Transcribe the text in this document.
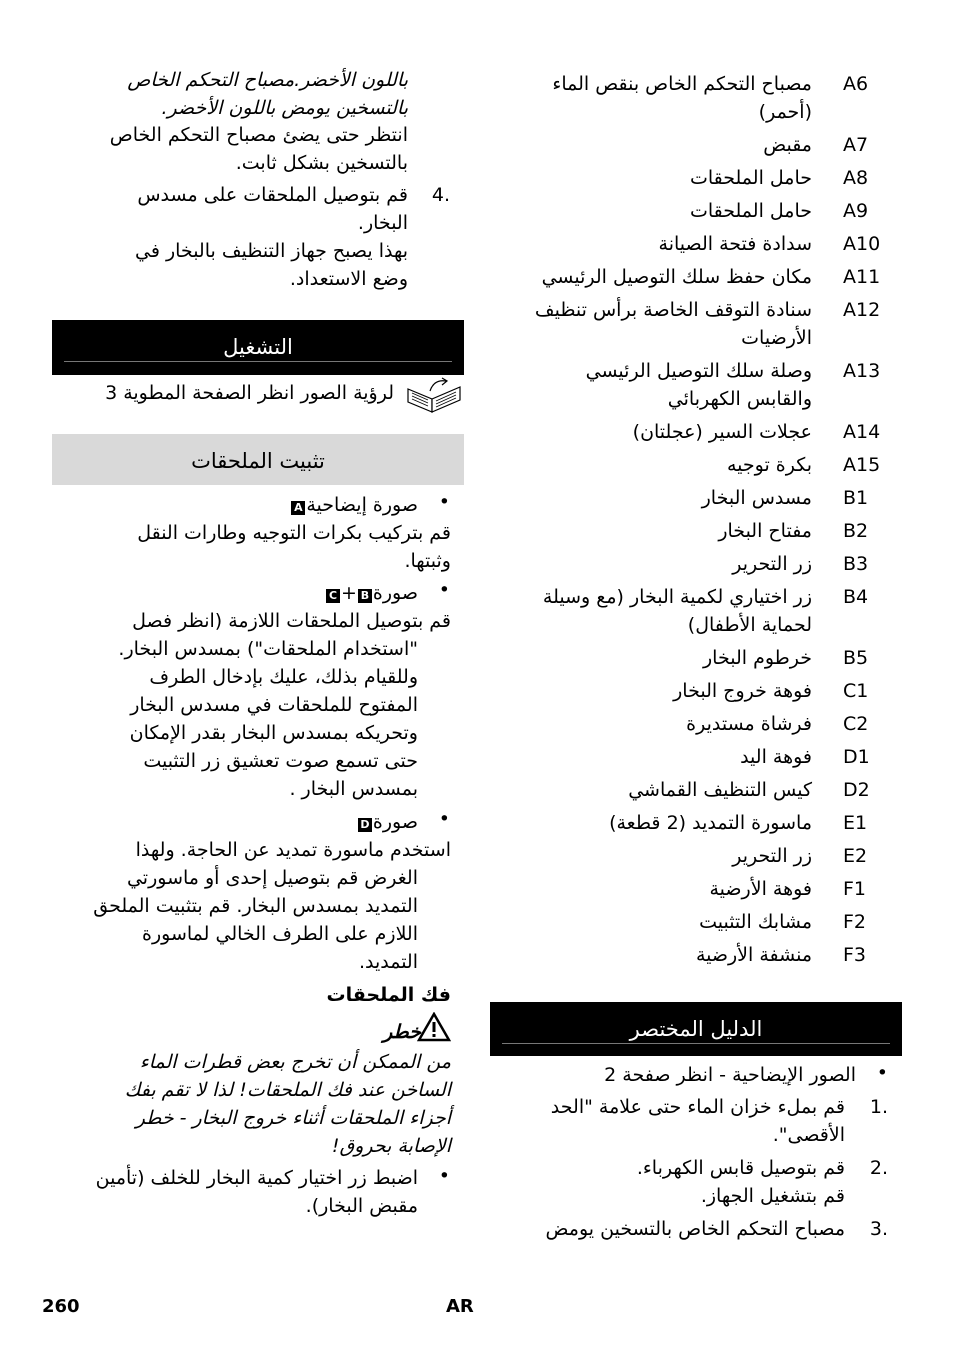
A6
مصباح التحكم الخاص بنقص الماء
(أحمر)
A7
مقبض
A8
حامل الملحقات
A9
حامل الملحقات
A10
سدادة فتحة الصيانة
A11
مكان حفظ سلك التوصيل الرئيسي
A12
سنادة التوقف الخاصة برأس تنظيف
الأرضيات
A13
وصلة سلك التوصيل الرئيسي
والقابس الكهربائي
A14
عجلات السير (عجلتان)
A15
بكرة توجيه
B1
مسدس البخار
B2
مفتاح البخار
B3
زر التحرير
B4
زر اختياري لكمية البخار (مع وسيلة
لحماية الأطفال)
B5
خرطوم البخار
C1
فوهة خروج البخار
C2
فرشاة مستديرة
D1
فوهة اليد
D2
كيس التنظيف القماشي
E1
ماسورة التمديد (2 قطعة)
E2
زر التحرير
F1
فوهة الأرضية
F2
مشابك التثبيت
F3
منشفة الأرضية
الدليل المختصر
•
الصور الإيضاحية - انظر صفحة 2
1.
قم بملء خزان الماء حتى علامة "الحد
الأقصى".
2.
قم بتوصيل قابس الكهرباء.
قم بتشغيل الجهاز.
3.
مصباح التحكم الخاص بالتسخين يومض
باللون الأخضر.مصباح التحكم الخاص
بالتسخين يومض باللون الأخضر.
انتظر حتى يضئ مصباح التحكم الخاص
بالتسخين بشكل ثابت.
4.
قم بتوصيل الملحقات على مسدس
البخار.
بهذا يصبح جهاز التنظيف بالبخار في
وضع الاستعداد.
التشغيل
لرؤية الصور انظر الصفحة المطوية 3
تثبيت الملحقات
•
صورة إيضاحيةA
قم بتركيب بكرات التوجيه وطارات النقل
وثبتها.
•
صورةB+C
قم بتوصيل الملحقات اللازمة (انظر فصل
"استخدام الملحقات") بمسدس البخار.
وللقيام بذلك، عليك بإدخال الطرف
المفتوح للملحقات في مسدس البخار
وتحريكه بمسدس البخار بقدر الإمكان
حتى تسمع صوت تعشيق زر التثبيت
بمسدس البخار .
•
صورةD
استخدم ماسورة تمديد عن الحاجة. ولهذا
الغرض قم بتوصيل إحدى أو ماسورتي
التمديد بمسدس البخار. قم بتثبيت الملحق
اللازم على الطرف الخالي لماسورة
التمديد.
فك الملحقات
خطر
من الممكن أن تخرج بعض قطرات الماء
الساخن عند فك الملحقات! لذا لا تقم بفك
أجزاء الملحقات أثناء خروج البخار - خطر
الإصابة بحروق!
•
اضبط زر اختيار كمية البخار للخلف (تأمين
مقبض البخار).
260	AR
